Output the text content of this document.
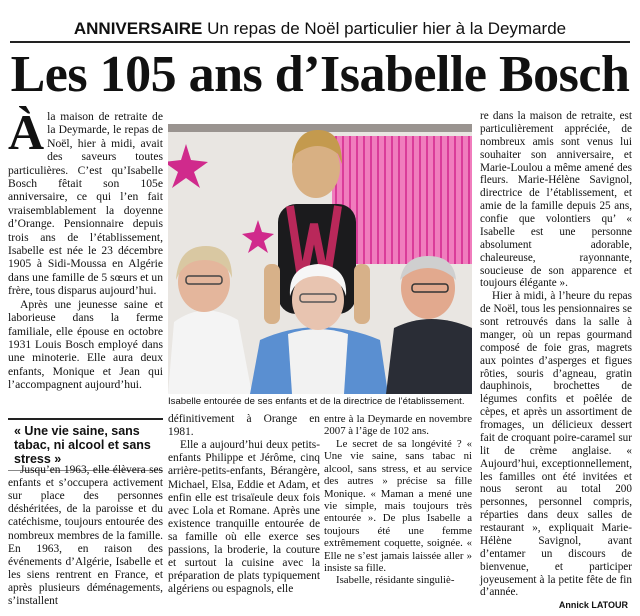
ANNIVERSAIRE Un repas de Noël particulier hier à la Deymarde
Les 105 ans d’Isabelle Bosch

Àla maison de retraite de la Deymarde, le repas de Noël, hier à midi, avait des saveurs toutes particulières. C’est qu’Isabelle Bosch fêtait son 105e anniversaire, ce qui l’en fait vraisemblablement la doyenne d’Orange. Pensionnaire depuis trois ans de l’établissement, Isabelle est née le 23 décembre 1905 à Sidi-Moussa en Algérie dans une famille de 5 sœurs et un frère, tous disparus aujourd’hui.

Après une jeunesse saine et laborieuse dans la ferme familiale, elle épouse en octobre 1931 Louis Bosch employé dans une minoterie. Elle aura deux enfants, Monique et Jean qui l’accompagnent aujourd’hui.

« Une vie saine, sans tabac, ni alcool et sans stress »

Jusqu’en 1963, elle élèvera ses enfants et s’occupera activement sur place des personnes déshéritées, de la paroisse et du catéchisme, toujours entourée des nombreux membres de la famille. En 1963, en raison des événements d’Algérie, Isabelle et les siens rentrent en France, et après plusieurs déménagements, s’installent

Isabelle entourée de ses enfants et de la directrice de l’établissement.

définitivement à Orange en 1981.

Elle a aujourd’hui deux petits-enfants Philippe et Jérôme, cinq arrière-petits-enfants, Bérangère, Michael, Elsa, Eddie et Adam, et enfin elle est trisaïeule deux fois avec Lola et Romane. Après une existence tranquille entourée de sa famille où elle exerce ses passions, la broderie, la couture et surtout la cuisine avec la préparation de plats typiquement algériens ou espagnols, elle

entre à la Deymarde en novembre 2007 à l’âge de 102 ans.

Le secret de sa longévité ? « Une vie saine, sans tabac ni alcool, sans stress, et au service des autres » précise sa fille Monique. « Maman a mené une vie simple, mais toujours très entourée ». De plus Isabelle a toujours été une femme extrêmement coquette, soignée. « Elle ne s’est jamais laissée aller » insiste sa fille.

Isabelle, résidante singuliè-

re dans la maison de retraite, est particulièrement appréciée, de nombreux amis sont venus lui souhaiter son anniversaire, et Marie-Loulou a même amené des fleurs. Marie-Hélène Savignol, directrice de l’établissement, et amie de la famille depuis 25 ans, confie que volontiers qu’ « Isabelle est une personne absolument adorable, chaleureuse, rayonnante, soucieuse de son apparence et toujours élégante ».

Hier à midi, à l’heure du repas de Noël, tous les pensionnaires se sont retrouvés dans la salle à manger, où un repas gourmand composé de foie gras, magrets aux pointes d’asperges et figues rôties, souris d’agneau, gratin dauphinois, brochettes de légumes confits et poêlée de cèpes, et après un assortiment de fromages, un délicieux dessert fait de croquant poire-caramel sur lit de crème anglaise. « Aujourd’hui, exceptionnellement, les familles ont été invitées et nous seront au total 200 personnes, personnel compris, réparties dans deux salles de restaurant », expliquait Marie-Hélène Savignol, avant d’entamer un discours de bienvenue, et participer joyeusement à la petite fête de fin d’année.

Annick LATOUR
